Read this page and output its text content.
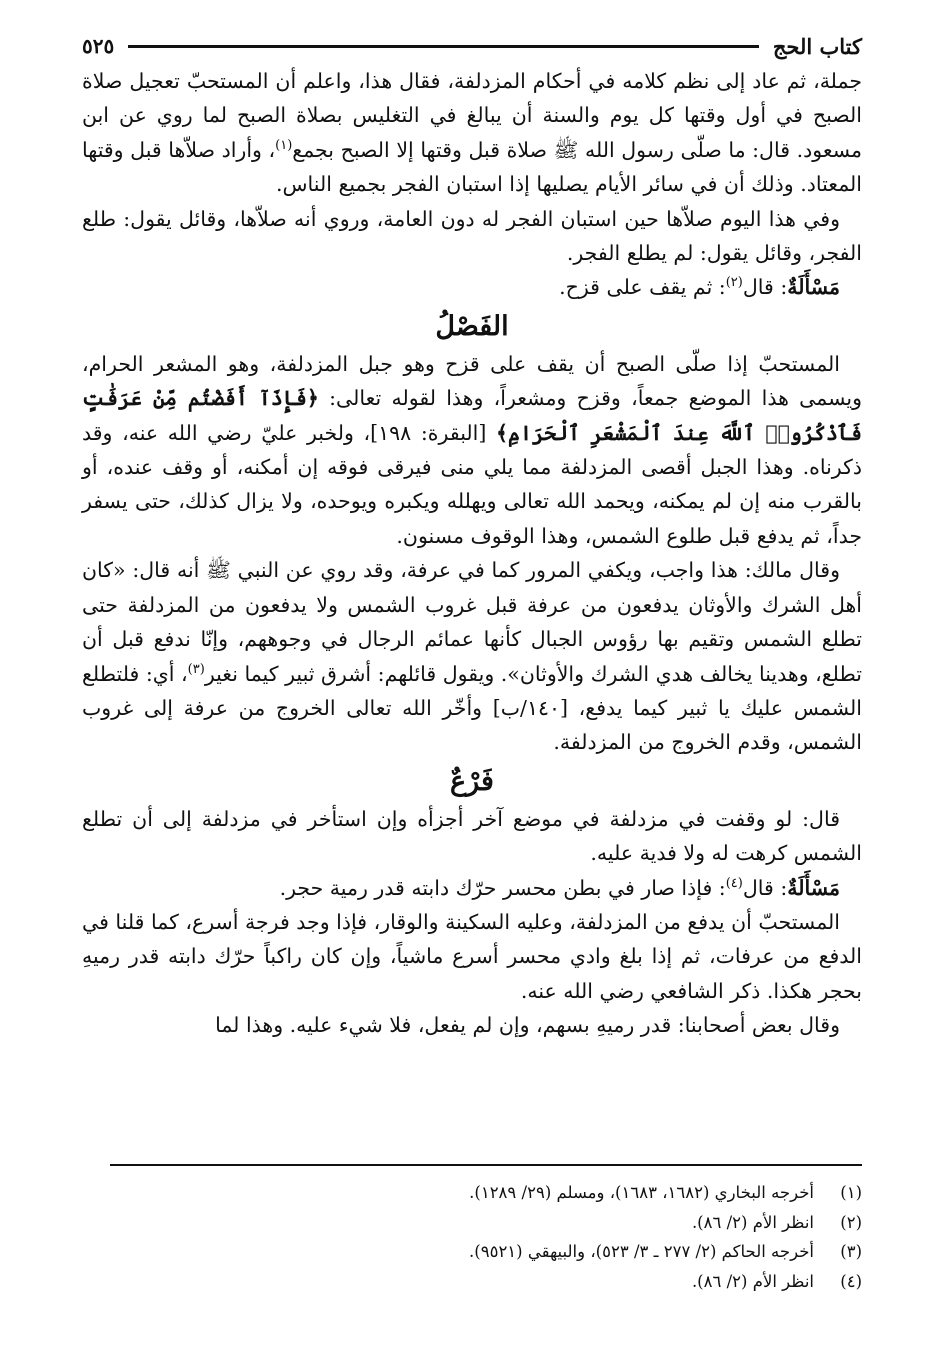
كتاب الحج
٥٢٥

جملة، ثم عاد إلى نظم كلامه في أحكام المزدلفة، فقال هذا، واعلم أن المستحبّ تعجيل صلاة الصبح في أول وقتها كل يوم والسنة أن يبالغ في التغليس بصلاة الصبح لما روي عن ابن مسعود. قال: ما صلّى رسول الله ﷺ صلاة قبل وقتها إلا الصبح بجمع$^{(١)}$، وأراد صلاّها قبل وقتها المعتاد. وذلك أن في سائر الأيام يصليها إذا استبان الفجر بجميع الناس.

وفي هذا اليوم صلاّها حين استبان الفجر له دون العامة، وروي أنه صلاّها، وقائل يقول: طلع الفجر، وقائل يقول: لم يطلع الفجر.

مَسْأَلَةٌ: قال$^{(٢)}$: ثم يقف على قزح.

الفَصْلُ

المستحبّ إذا صلّى الصبح أن يقف على قزح وهو جبل المزدلفة، وهو المشعر الحرام، ويسمى هذا الموضع جمعاً، وقزح ومشعراً، وهذا لقوله تعالى: ﴿فَإِذَآ أَفَضْتُم مِّنْ عَرَفَٰتٍ فَٱذْكُرُوا۟ ٱللَّهَ عِندَ ٱلْمَشْعَرِ ٱلْحَرَامِ﴾ [البقرة: ١٩٨]، ولخبر عليّ رضي الله عنه، وقد ذكرناه. وهذا الجبل أقصى المزدلفة مما يلي منى فيرقى فوقه إن أمكنه، أو وقف عنده، أو بالقرب منه إن لم يمكنه، ويحمد الله تعالى ويهلله ويكبره ويوحده، ولا يزال كذلك، حتى يسفر جداً، ثم يدفع قبل طلوع الشمس، وهذا الوقوف مسنون.

وقال مالك: هذا واجب، ويكفي المرور كما في عرفة، وقد روي عن النبي ﷺ أنه قال: «كان أهل الشرك والأوثان يدفعون من عرفة قبل غروب الشمس ولا يدفعون من المزدلفة حتى تطلع الشمس وتقيم بها رؤوس الجبال كأنها عمائم الرجال في وجوههم، وإنّا ندفع قبل أن تطلع، وهدينا يخالف هدي الشرك والأوثان». ويقول قائلهم: أشرق ثبير كيما نغير$^{(٣)}$، أي: فلتطلع الشمس عليك يا ثبير كيما يدفع، [١٤٠/ب] وأخّر الله تعالى الخروج من عرفة إلى غروب الشمس، وقدم الخروج من المزدلفة.

فَرْعٌ

قال: لو وقفت في مزدلفة في موضع آخر أجزأه وإن استأخر في مزدلفة إلى أن تطلع الشمس كرهت له ولا فدية عليه.

مَسْأَلَةٌ: قال$^{(٤)}$: فإذا صار في بطن محسر حرّك دابته قدر رمية حجر.

المستحبّ أن يدفع من المزدلفة، وعليه السكينة والوقار، فإذا وجد فرجة أسرع، كما قلنا في الدفع من عرفات، ثم إذا بلغ وادي محسر أسرع ماشياً، وإن كان راكباً حرّك دابته قدر رميهِ بحجر هكذا. ذكر الشافعي رضي الله عنه.

وقال بعض أصحابنا: قدر رميهِ بسهم، وإن لم يفعل، فلا شيء عليه. وهذا لما

(١)
أخرجه البخاري (١٦٨٢، ١٦٨٣)، ومسلم (٢٩/ ١٢٨٩).
(٢)
انظر الأم (٢/ ٨٦).
(٣)
أخرجه الحاكم (٢/ ٢٧٧ ـ ٣/ ٥٢٣)، والبيهقي (٩٥٢١).
(٤)
انظر الأم (٢/ ٨٦).
